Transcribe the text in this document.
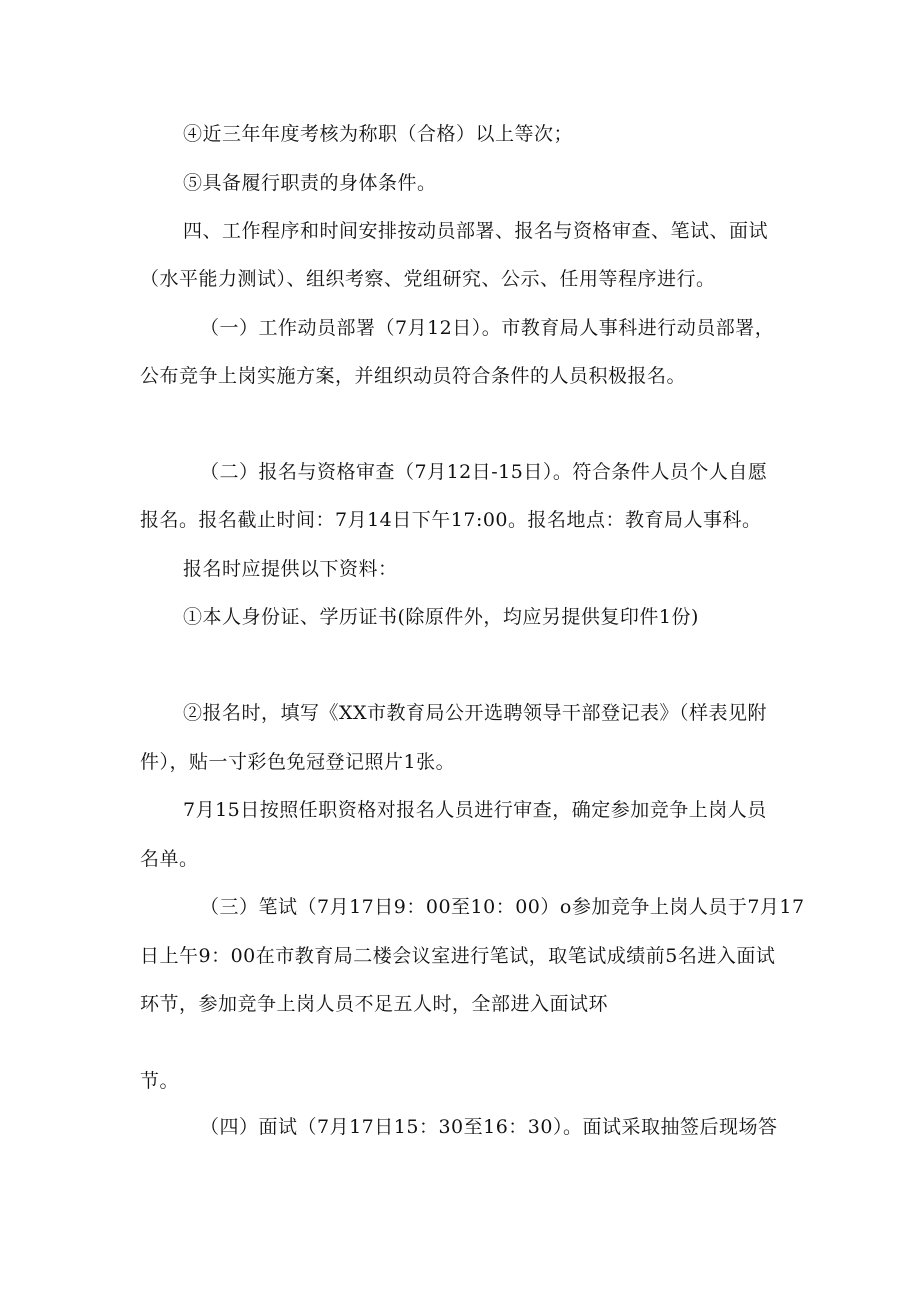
④近三年年度考核为称职（合格）以上等次；
⑤具备履行职责的身体条件。
四、工作程序和时间安排按动员部署、报名与资格审查、笔试、面试
（水平能力测试）、组织考察、党组研究、公示、任用等程序进行。
（一）工作动员部署（7月12日）。市教育局人事科进行动员部署，
公布竞争上岗实施方案，并组织动员符合条件的人员积极报名。
（二）报名与资格审查（7月12日-15日）。符合条件人员个人自愿
报名。报名截止时间：7月14日下午17:00。报名地点：教育局人事科。
报名时应提供以下资料：
①本人身份证、学历证书(除原件外，均应另提供复印件1份)
②报名时，填写《XX市教育局公开选聘领导干部登记表》（样表见附
件），贴一寸彩色免冠登记照片1张。
7月15日按照任职资格对报名人员进行审查，确定参加竞争上岗人员
名单。
（三）笔试（7月17日9：00至10：00）o参加竞争上岗人员于7月17
日上午9：00在市教育局二楼会议室进行笔试，取笔试成绩前5名进入面试
环节，参加竞争上岗人员不足五人时，全部进入面试环
节。
（四）面试（7月17日15：30至16：30）。面试采取抽签后现场答
